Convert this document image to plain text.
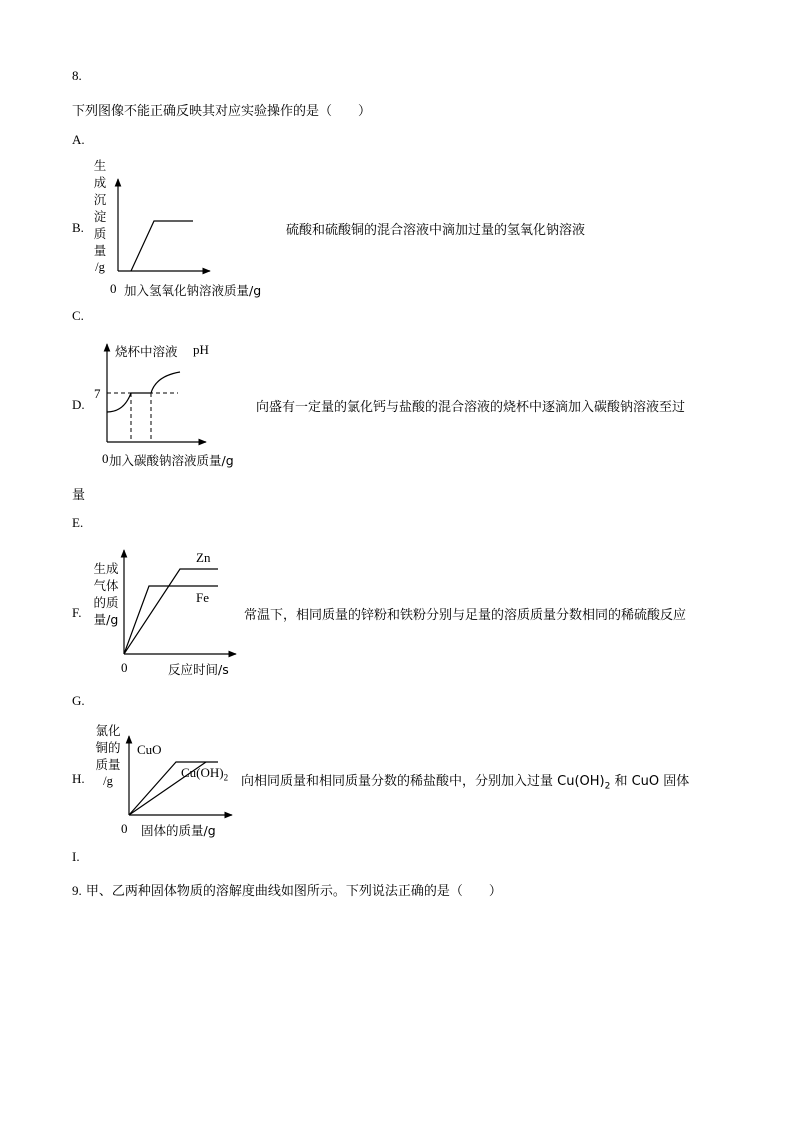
8.
下列图像不能正确反映其对应实验操作的是（　　）
A.
生
成
沉
淀
质
量
/g
0 加入氢氧化钠溶液质量/g
B.	硫酸和硫酸铜的混合溶液中滴加过量的氢氧化钠溶液
C.
烧杯中溶液 pH
7
0 加入碳酸钠溶液质量/g
D.	向盛有一定量的氯化钙与盐酸的混合溶液的烧杯中逐滴加入碳酸钠溶液至过
量
E.
生成
气体
的质
量/g
Zn
Fe
0	反应时间/s
F.	常温下，相同质量的锌粉和铁粉分别与足量的溶质质量分数相同的稀硫酸反应
G.
氯化
铜的
质量
/g
CuO
$Cu(OH)_2$
0 固体的质量/g
H.	向相同质量和相同质量分数的稀盐酸中，分别加入过量 $Cu(OH)_2$ 和 CuO 固体
I.
9. 甲、乙两种固体物质的溶解度曲线如图所示。下列说法正确的是（　　）
